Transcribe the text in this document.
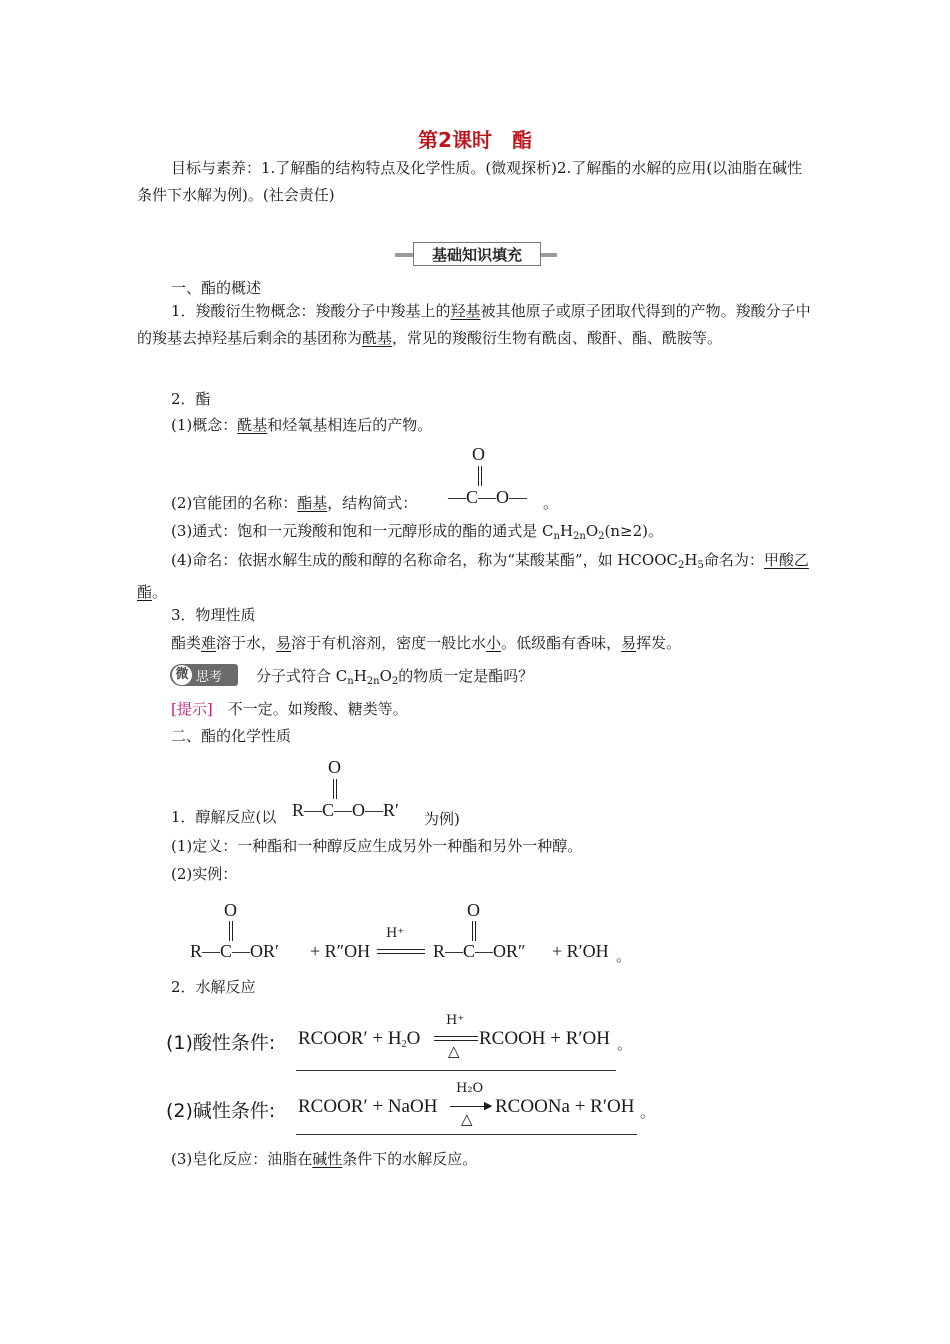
第2课时　酯
目标与素养：1.了解酯的结构特点及化学性质。(微观探析)2.了解酯的水解的应用(以油脂在碱性条件下水解为例)。(社会责任)
基础知识填充
一、酯的概述
1．羧酸衍生物概念：羧酸分子中羧基上的羟基被其他原子或原子团取代得到的产物。羧酸分子中的羧基去掉羟基后剩余的基团称为酰基，常见的羧酸衍生物有酰卤、酸酐、酯、酰胺等。
2．酯
(1)概念：酰基和烃氧基相连后的产物。
O
(2)官能团的名称：酯基，结构简式： —C—O— 。
(3)通式：饱和一元羧酸和饱和一元醇形成的酯的通式是 $C_nH_{2n}O_2(n\ge 2)$。
(4)命名：依据水解生成的酸和醇的名称命名，称为“某酸某酯”，如 $HCOOC_2H_5$命名为：甲酸乙酯。
3．物理性质
酯类难溶于水，易溶于有机溶剂，密度一般比水小。低级酯有香味，易挥发。
微 思考 分子式符合 $C_nH_{2n}O_2$的物质一定是酯吗？
[提示]　 不一定。如羧酸、糖类等。
二、酯的化学性质
O
1．醇解反应(以 R—C—O—R′ 为例)
(1)定义：一种酯和一种醇反应生成另外一种酯和另外一种醇。
(2)实例：
O
R—C—OR′ + R″OH
H⁺
O
R—C—OR″ + R′OH 。
2．水解反应
(1)酸性条件: RCOOR′ + $H_2O$
H⁺
△
RCOOH + R′OH 。
(2)碱性条件: RCOOR′ + NaOH
H₂O
▶
△
RCOONa + R′OH 。
(3)皂化反应：油脂在碱性条件下的水解反应。
